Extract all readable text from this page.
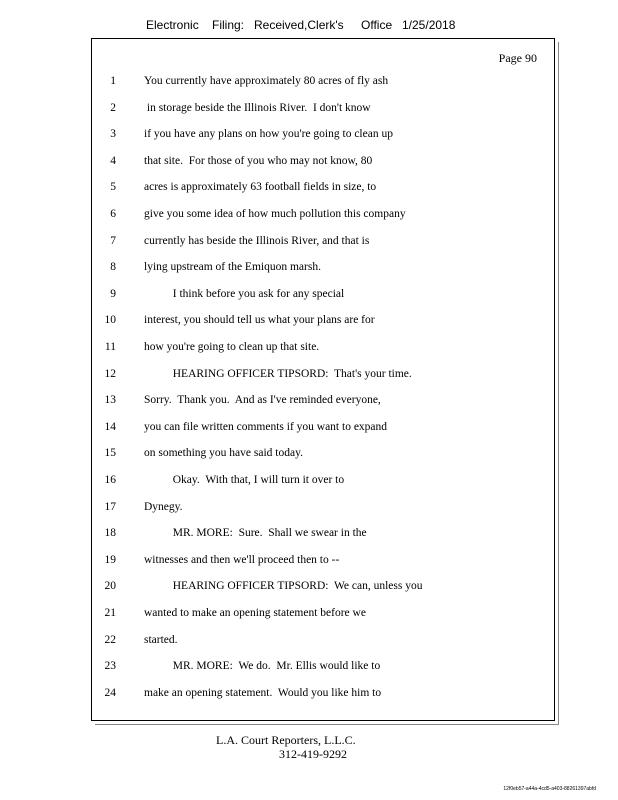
Electronic Filing: Received,Clerk's Office 1/25/2018
Page 90
1 You currently have approximately 80 acres of fly ash
2 in storage beside the Illinois River.  I don't know
3 if you have any plans on how you're going to clean up
4 that site.  For those of you who may not know, 80
5 acres is approximately 63 football fields in size, to
6 give you some idea of how much pollution this company
7 currently has beside the Illinois River, and that is
8 lying upstream of the Emiquon marsh.
9 I think before you ask for any special
10 interest, you should tell us what your plans are for
11 how you're going to clean up that site.
12 HEARING OFFICER TIPSORD:  That's your time.
13 Sorry.  Thank you.  And as I've reminded everyone,
14 you can file written comments if you want to expand
15 on something you have said today.
16 Okay.  With that, I will turn it over to
17 Dynegy.
18 MR. MORE:  Sure.  Shall we swear in the
19 witnesses and then we'll proceed then to --
20 HEARING OFFICER TIPSORD:  We can, unless you
21 wanted to make an opening statement before we
22 started.
23 MR. MORE:  We do.  Mr. Ellis would like to
24 make an opening statement.  Would you like him to
L.A. Court Reporters, L.L.C.
312-419-9292
12f0eb57-a44a-4cd5-a403-88261397abfd
